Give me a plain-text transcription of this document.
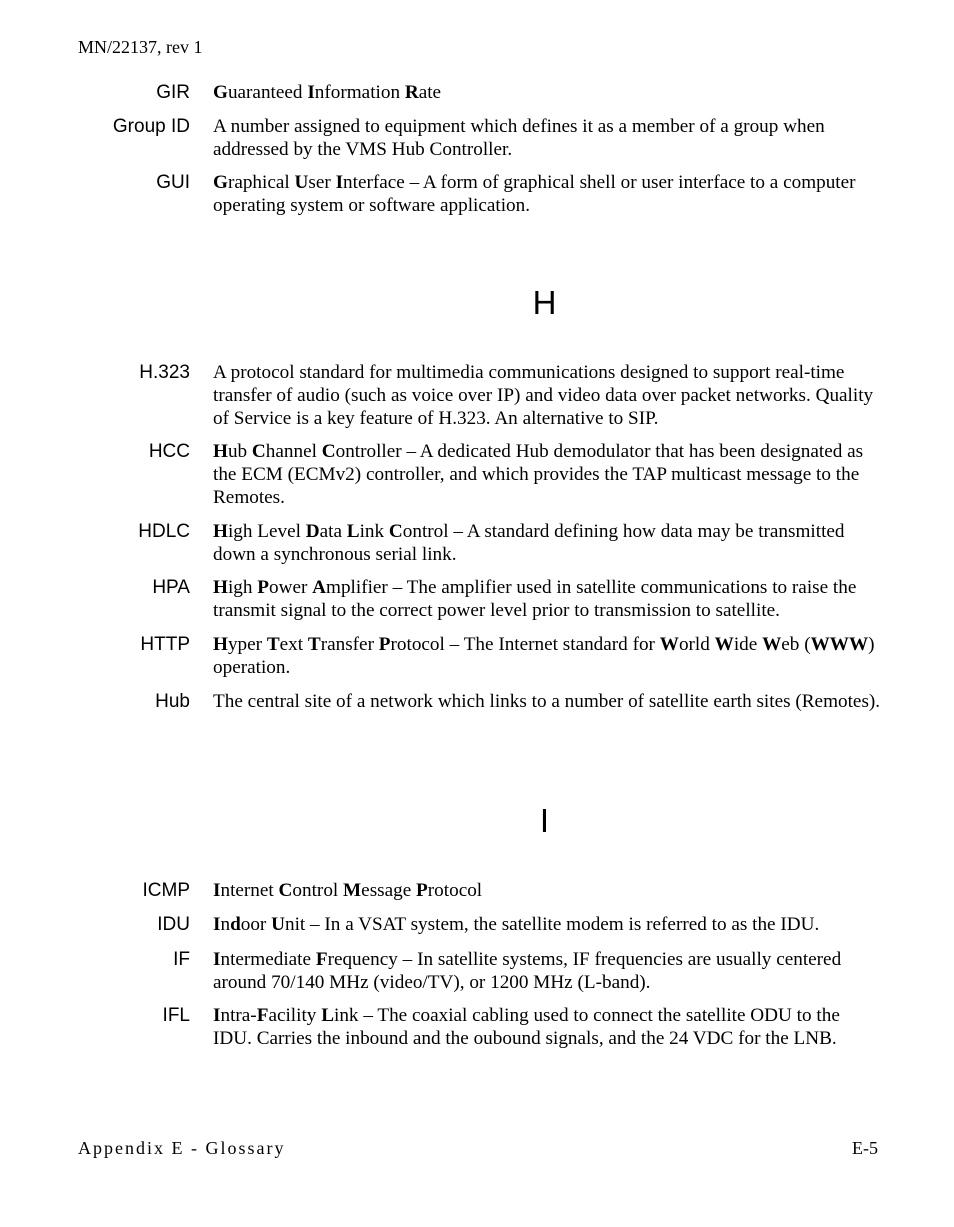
MN/22137, rev 1
GIR Guaranteed Information Rate

Group ID A number assigned to equipment which defines it as a member of a group when addressed by the VMS Hub Controller.

GUI Graphical User Interface – A form of graphical shell or user interface to a computer operating system or software application.

H
H.323 A protocol standard for multimedia communications designed to support real-time transfer of audio (such as voice over IP) and video data over packet networks. Quality of Service is a key feature of H.323. An alternative to SIP.

HCC Hub Channel Controller – A dedicated Hub demodulator that has been designated as the ECM (ECMv2) controller, and which provides the TAP multicast message to the Remotes.

HDLC High Level Data Link Control – A standard defining how data may be transmitted down a synchronous serial link.

HPA High Power Amplifier – The amplifier used in satellite communications to raise the transmit signal to the correct power level prior to transmission to satellite.

HTTP Hyper Text Transfer Protocol – The Internet standard for World Wide Web (WWW) operation.

Hub The central site of a network which links to a number of satellite earth sites (Remotes).

I
ICMP Internet Control Message Protocol

IDU Indoor Unit – In a VSAT system, the satellite modem is referred to as the IDU.

IF Intermediate Frequency – In satellite systems, IF frequencies are usually centered around 70/140 MHz (video/TV), or 1200 MHz (L-band).

IFL Intra-Facility Link – The coaxial cabling used to connect the satellite ODU to the IDU. Carries the inbound and the oubound signals, and the 24 VDC for the LNB.

Appendix E - Glossary	E-5
